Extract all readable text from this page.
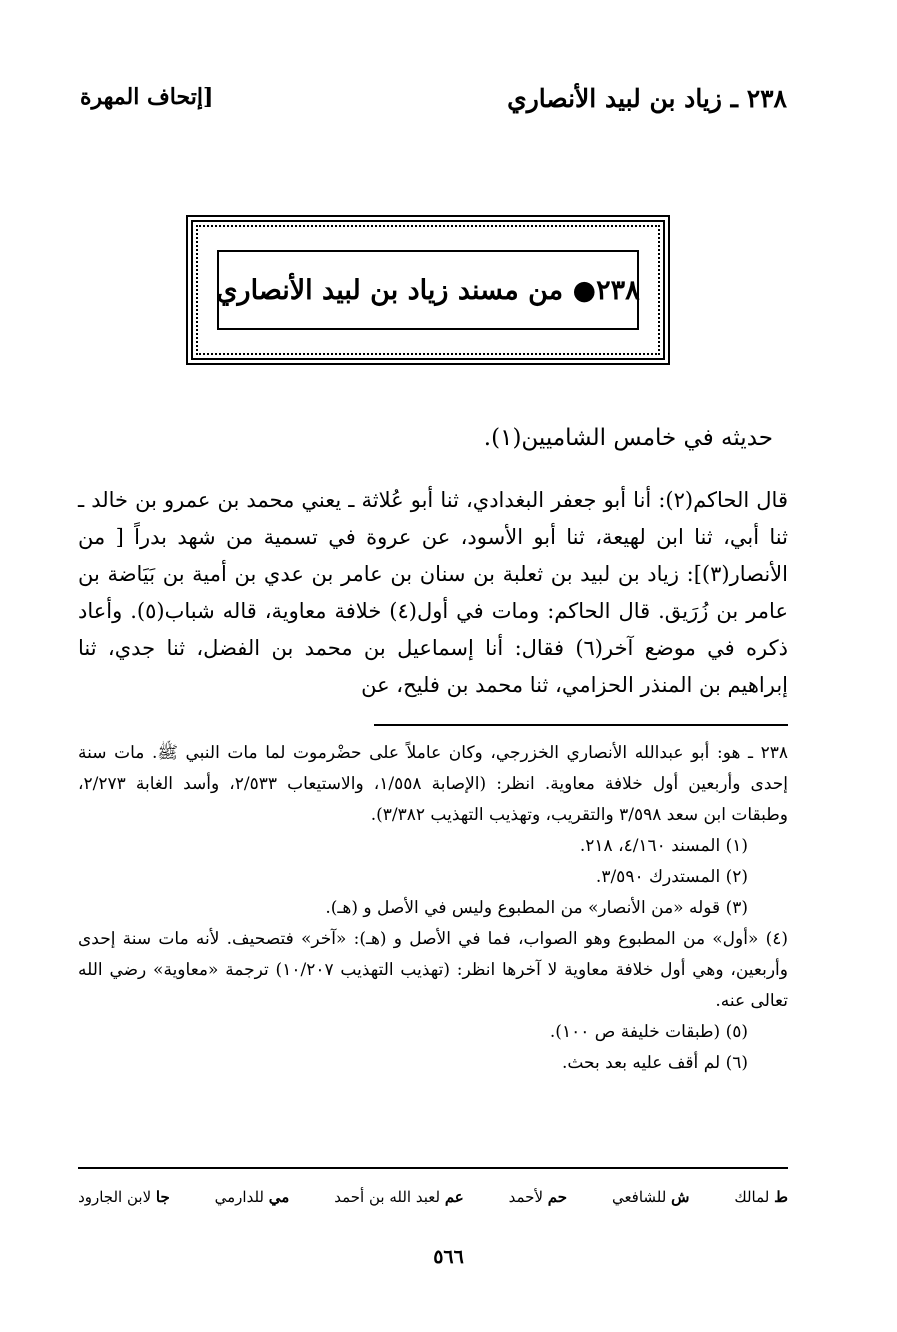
٢٣٨ ـ زياد بن لبيد الأنصاري
[إتحاف المهرة
٢٣٨● من مسند زياد بن لبيد الأنصاري
حديثه في خامس الشاميين(١).

قال الحاكم(٢): أنا أبو جعفر البغدادي، ثنا أبو عُلاثة ـ يعني محمد بن عمرو بن خالد ـ ثنا أبي، ثنا ابن لهيعة، ثنا أبو الأسود، عن عروة في تسمية من شهد بدراً [ من الأنصار(٣)]: زياد بن لبيد بن ثعلبة بن سنان بن عامر بن عدي بن أمية بن بَيَاضة بن عامر بن زُرَيق. قال الحاكم: ومات في أول(٤) خلافة معاوية، قاله شباب(٥). وأعاد ذكره في موضع آخر(٦) فقال: أنا إسماعيل بن محمد بن الفضل، ثنا جدي، ثنا إبراهيم بن المنذر الحزامي، ثنا محمد بن فليح، عن

٢٣٨ ـ هو: أبو عبدالله الأنصاري الخزرجي، وكان عاملاً على حضْرموت لما مات النبي ﷺ. مات سنة إحدى وأربعين أول خلافة معاوية. انظر: (الإصابة ١/٥٥٨، والاستيعاب ٢/٥٣٣، وأسد الغابة ٢/٢٧٣، وطبقات ابن سعد ٣/٥٩٨ والتقريب، وتهذيب التهذيب ٣/٣٨٢).
(١) المسند ٤/١٦٠، ٢١٨.
(٢) المستدرك ٣/٥٩٠.
(٣) قوله «من الأنصار» من المطبوع وليس في الأصل و (هـ).
(٤) «أول» من المطبوع وهو الصواب، فما في الأصل و (هـ): «آخر» فتصحيف. لأنه مات سنة إحدى وأربعين، وهي أول خلافة معاوية لا آخرها انظر: (تهذيب التهذيب ١٠/٢٠٧) ترجمة «معاوية» رضي الله تعالى عنه.
(٥) (طبقات خليفة ص ١٠٠).
(٦) لم أقف عليه بعد بحث.
ط لمالك
ش للشافعي
حم لأحمد
عم لعبد الله بن أحمد
مي للدارمي
جا لابن الجارود
٥٦٦
